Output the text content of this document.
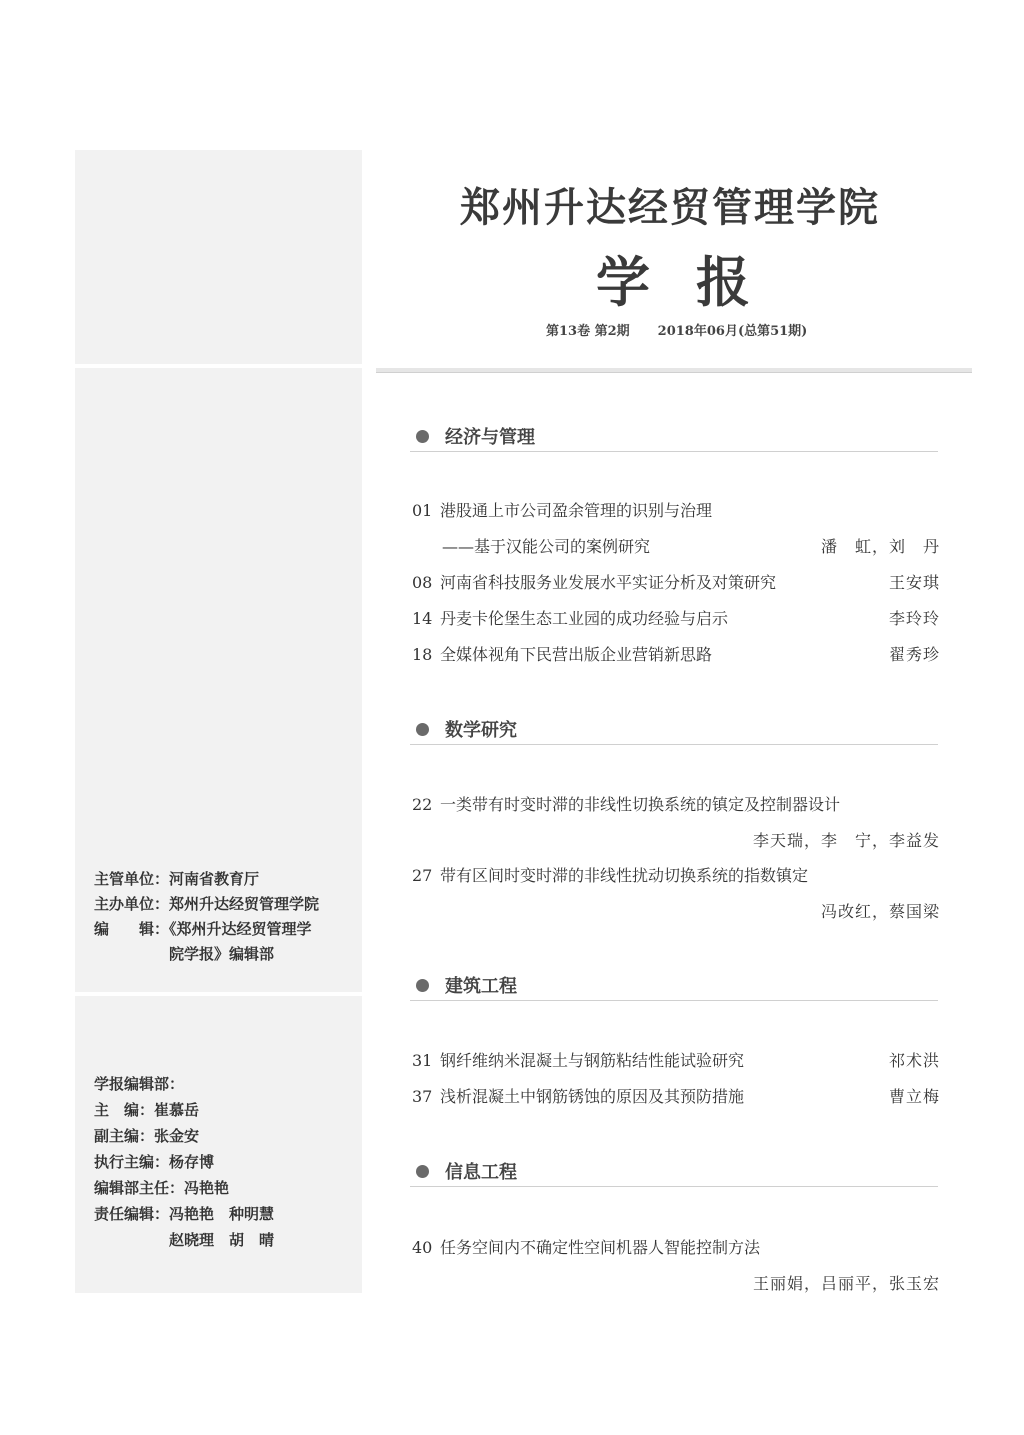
主管单位：河南省教育厅
主办单位：郑州升达经贸管理学院
编　　辑：《郑州升达经贸管理学
　　　　　院学报》编辑部
学报编辑部：
主　编：崔慕岳
副主编：张金安
执行主编：杨存博
编辑部主任：冯艳艳
责任编辑：冯艳艳　种明慧
　　　　　赵晓理　胡　晴
郑州升达经贸管理学院
学报
第13卷 第2期 2018年06月(总第51期)
经济与管理
01 港股通上市公司盈余管理的识别与治理
——基于汉能公司的案例研究	潘　虹，刘　丹
08 河南省科技服务业发展水平实证分析及对策研究	王安琪
14 丹麦卡伦堡生态工业园的成功经验与启示	李玲玲
18 全媒体视角下民营出版企业营销新思路	翟秀珍
数学研究
22 一类带有时变时滞的非线性切换系统的镇定及控制器设计
李天瑞，李　宁，李益发
27 带有区间时变时滞的非线性扰动切换系统的指数镇定
冯改红，蔡国梁
建筑工程
31 钢纤维纳米混凝土与钢筋粘结性能试验研究	祁术洪
37 浅析混凝土中钢筋锈蚀的原因及其预防措施	曹立梅
信息工程
40 任务空间内不确定性空间机器人智能控制方法
王丽娟，吕丽平，张玉宏
